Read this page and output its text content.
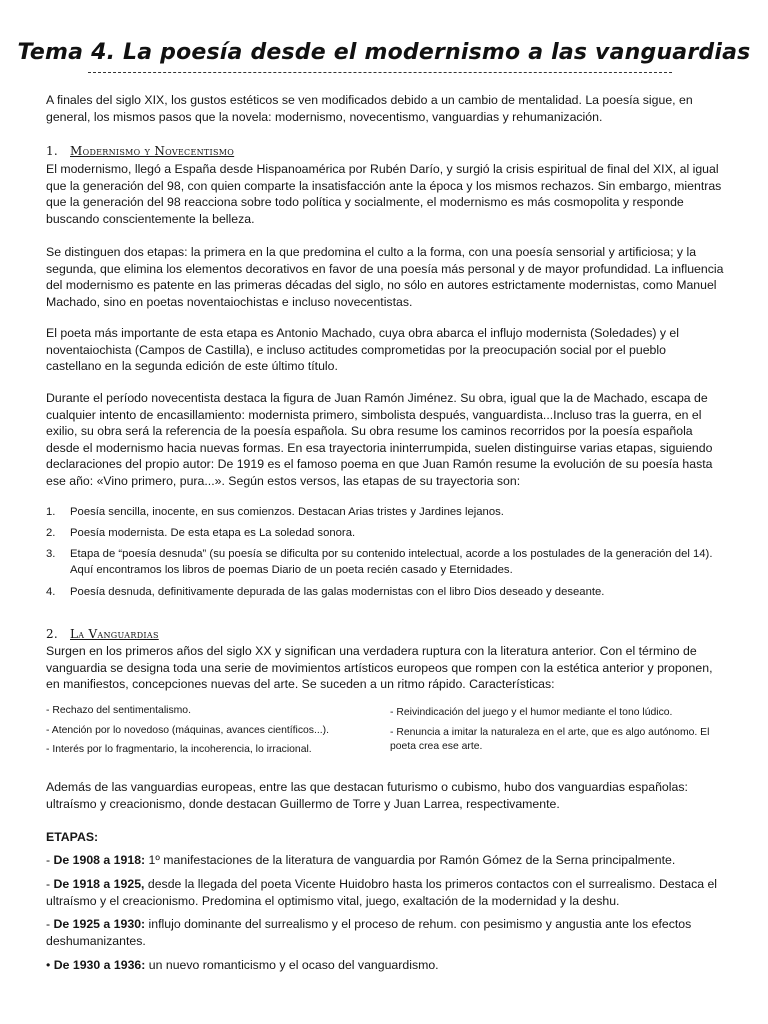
Tema 4. La poesía desde el modernismo a las vanguardias

A finales del siglo XIX, los gustos estéticos se ven modificados debido a un cambio de mentalidad. La poesía sigue, en general, los mismos pasos que la novela: modernismo, novecentismo, vanguardias y rehumanización.

1. Modernismo y Novecentismo

El modernismo, llegó a España desde Hispanoamérica por Rubén Darío, y surgió la crisis espiritual de final del XIX, al igual que la generación del 98, con quien comparte la insatisfacción ante la época y los mismos rechazos. Sin embargo, mientras que la generación del 98 reacciona sobre todo política y socialmente, el modernismo es más cosmopolita y responde buscando conscientemente la belleza.

Se distinguen dos etapas: la primera en la que predomina el culto a la forma, con una poesía sensorial y artificiosa; y la segunda, que elimina los elementos decorativos en favor de una poesía más personal y de mayor profundidad. La influencia del modernismo es patente en las primeras décadas del siglo, no sólo en autores estrictamente modernistas, como Manuel Machado, sino en poetas noventaiochistas e incluso novecentistas.

El poeta más importante de esta etapa es Antonio Machado, cuya obra abarca el influjo modernista (Soledades) y el noventaiochista (Campos de Castilla), e incluso actitudes comprometidas por la preocupación social por el pueblo castellano en la segunda edición de este último título.

Durante el período novecentista destaca la figura de Juan Ramón Jiménez. Su obra, igual que la de Machado, escapa de cualquier intento de encasillamiento: modernista primero, simbolista después, vanguardista...Incluso tras la guerra, en el exilio, su obra será la referencia de la poesía española. Su obra resume los caminos recorridos por la poesía española desde el modernismo hacia nuevas formas. En esa trayectoria ininterrumpida, suelen distinguirse varias etapas, siguiendo declaraciones del propio autor: De 1919 es el famoso poema en que Juan Ramón resume la evolución de su poesía hasta ese año: «Vino primero, pura...». Según estos versos, las etapas de su trayectoria son:

1. Poesía sencilla, inocente, en sus comienzos. Destacan Arias tristes y Jardines lejanos.
2. Poesía modernista. De esta etapa es La soledad sonora.
3. Etapa de “poesía desnuda” (su poesía se dificulta por su contenido intelectual, acorde a los postulades de la generación del 14). Aquí encontramos los libros de poemas Diario de un poeta recién casado y Eternidades.
4. Poesía desnuda, definitivamente depurada de las galas modernistas con el libro Dios deseado y deseante.

2. La Vanguardias

Surgen en los primeros años del siglo XX y significan una verdadera ruptura con la literatura anterior. Con el término de vanguardia se designa toda una serie de movimientos artísticos europeos que rompen con la estética anterior y proponen, en manifiestos, concepciones nuevas del arte. Se suceden a un ritmo rápido. Características:

- Rechazo del sentimentalismo.

- Atención por lo novedoso (máquinas, avances científicos...).

- Interés por lo fragmentario, la incoherencia, lo irracional.

- Reivindicación del juego y el humor mediante el tono lúdico.

- Renuncia a imitar la naturaleza en el arte, que es algo autónomo. El poeta crea ese arte.

Además de las vanguardias europeas, entre las que destacan futurismo o cubismo, hubo dos vanguardias españolas: ultraísmo y creacionismo, donde destacan Guillermo de Torre y Juan Larrea, respectivamente.

ETAPAS:

- De 1908 a 1918: 1º manifestaciones de la literatura de vanguardia por Ramón Gómez de la Serna principalmente.

- De 1918 a 1925, desde la llegada del poeta Vicente Huidobro hasta los primeros contactos con el surrealismo. Destaca el ultraísmo y el creacionismo. Predomina el optimismo vital, juego, exaltación de la modernidad y la deshu.

- De 1925 a 1930: influjo dominante del surrealismo y el proceso de rehum. con pesimismo y angustia ante los efectos deshumanizantes.

• De 1930 a 1936: un nuevo romanticismo y el ocaso del vanguardismo.
